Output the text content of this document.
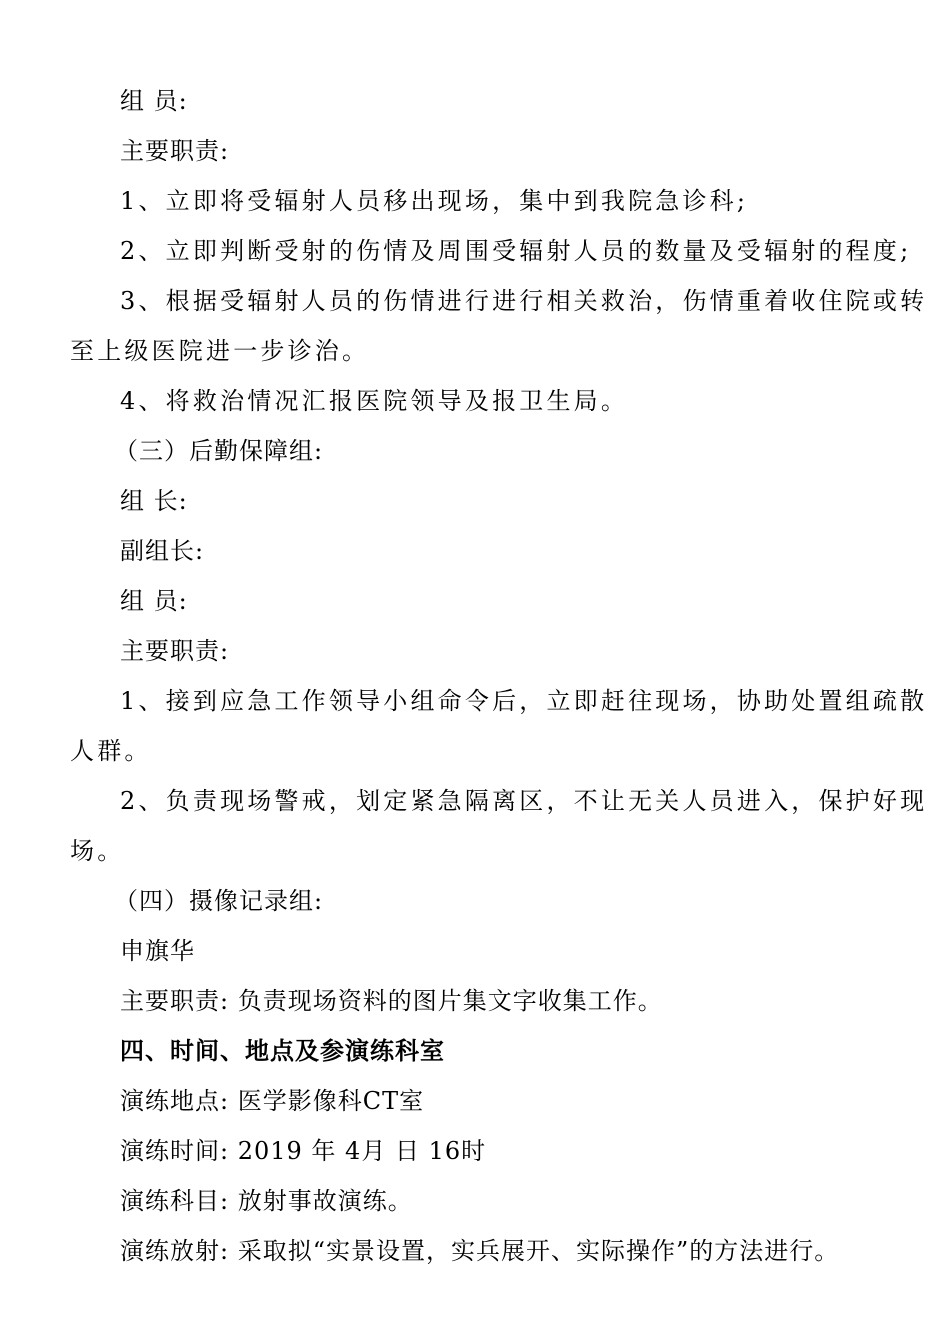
组 员:
主要职责:
1、立即将受辐射人员移出现场，集中到我院急诊科;
2、立即判断受射的伤情及周围受辐射人员的数量及受辐射的程度;
3、根据受辐射人员的伤情进行进行相关救治，伤情重着收住院或转
至上级医院进一步诊治。
4、将救治情况汇报医院领导及报卫生局。
（三）后勤保障组:
组 长:
副组长:
组 员:
主要职责:
1、接到应急工作领导小组命令后，立即赶往现场，协助处置组疏散
人群。
2、负责现场警戒，划定紧急隔离区，不让无关人员进入，保护好现
场。
（四）摄像记录组:
申旗华
主要职责: 负责现场资料的图片集文字收集工作。
四、时间、地点及参演练科室
演练地点: 医学影像科CT室
演练时间: 2019 年 4月 日 16时
演练科目: 放射事故演练。
演练放射: 采取拟“实景设置，实兵展开、实际操作”的方法进行。
